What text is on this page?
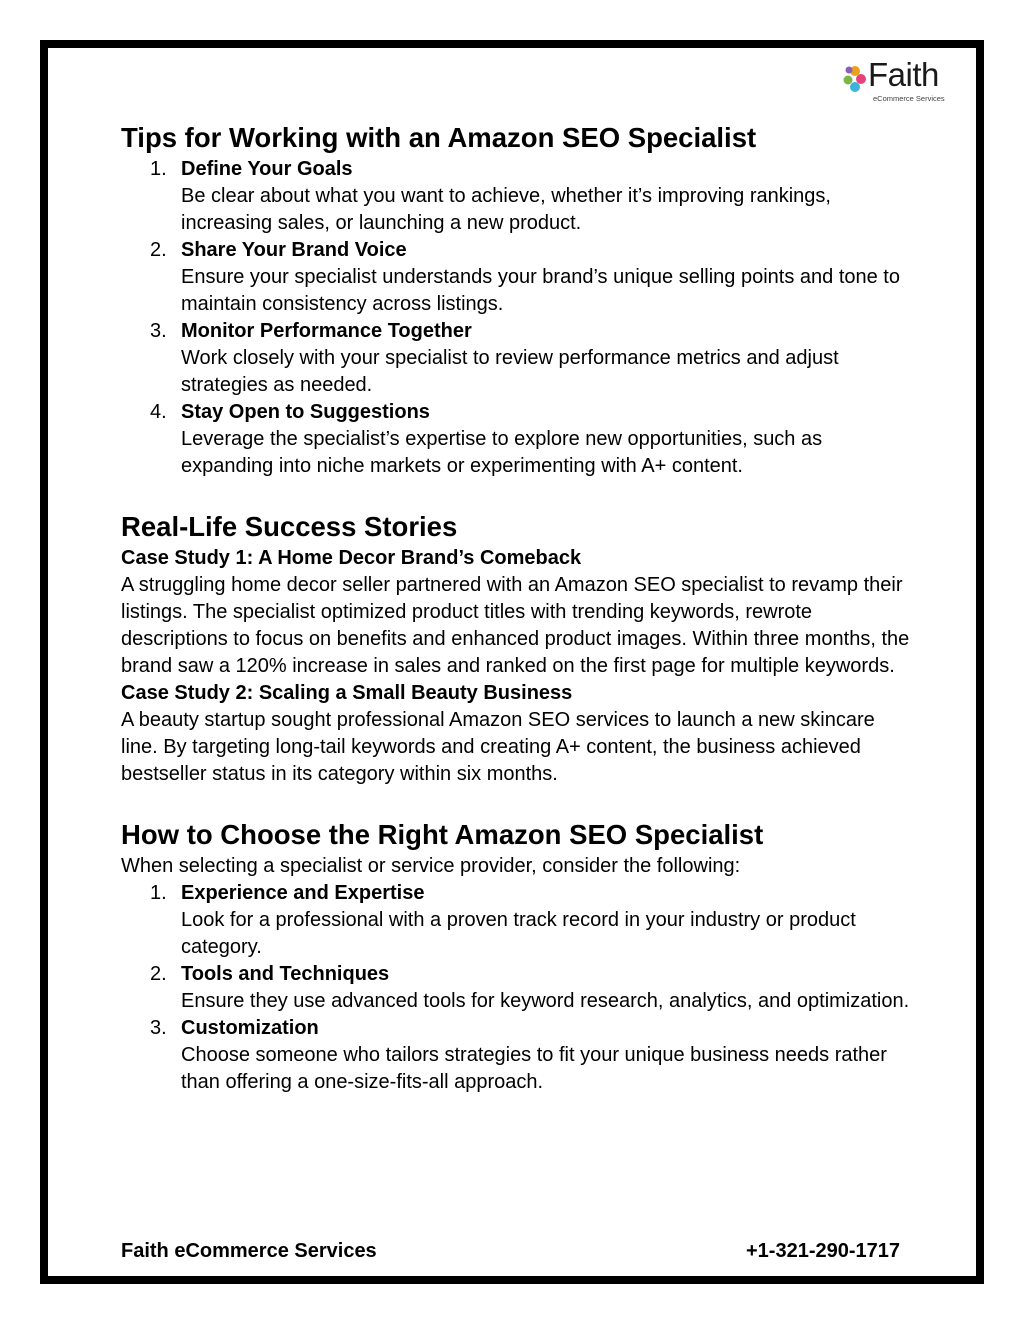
Faith
eCommerce Services
Tips for Working with an Amazon SEO Specialist
1. Define Your Goals
Be clear about what you want to achieve, whether it’s improving rankings, increasing sales, or launching a new product.
2. Share Your Brand Voice
Ensure your specialist understands your brand’s unique selling points and tone to maintain consistency across listings.
3. Monitor Performance Together
Work closely with your specialist to review performance metrics and adjust strategies as needed.
4. Stay Open to Suggestions
Leverage the specialist’s expertise to explore new opportunities, such as expanding into niche markets or experimenting with A+ content.
Real-Life Success Stories
Case Study 1: A Home Decor Brand’s Comeback
A struggling home decor seller partnered with an Amazon SEO specialist to revamp their listings. The specialist optimized product titles with trending keywords, rewrote descriptions to focus on benefits and enhanced product images. Within three months, the brand saw a 120% increase in sales and ranked on the first page for multiple keywords.
Case Study 2: Scaling a Small Beauty Business
A beauty startup sought professional Amazon SEO services to launch a new skincare line. By targeting long-tail keywords and creating A+ content, the business achieved bestseller status in its category within six months.
How to Choose the Right Amazon SEO Specialist
When selecting a specialist or service provider, consider the following:
1. Experience and Expertise
Look for a professional with a proven track record in your industry or product category.
2. Tools and Techniques
Ensure they use advanced tools for keyword research, analytics, and optimization.
3. Customization
Choose someone who tailors strategies to fit your unique business needs rather than offering a one-size-fits-all approach.
Faith eCommerce Services	+1-321-290-1717
